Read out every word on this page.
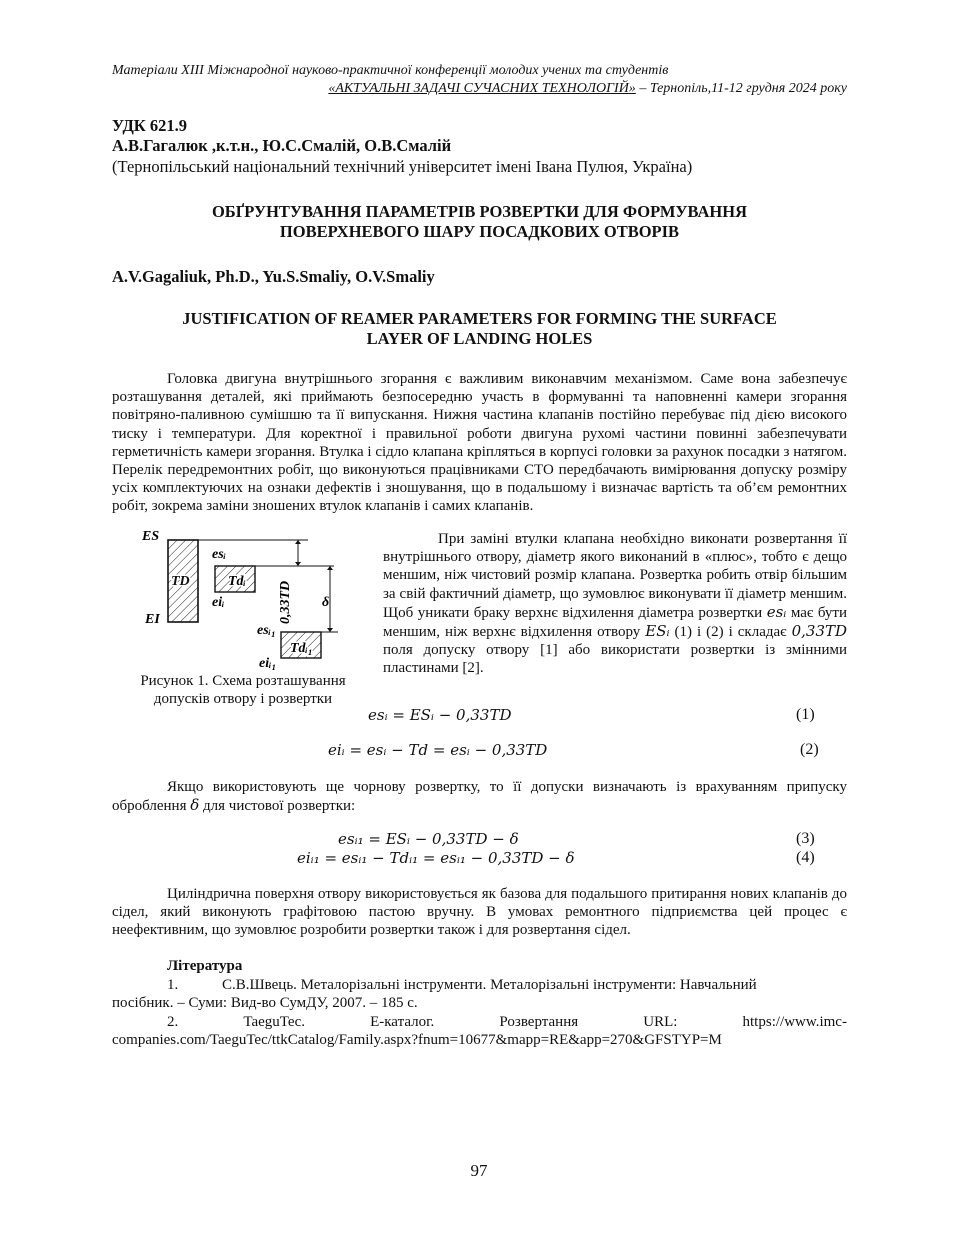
Матеріали XIII Міжнародної науково-практичної конференції молодих учених та студентів
«АКТУАЛЬНІ ЗАДАЧІ СУЧАСНИХ ТЕХНОЛОГІЙ» – Тернопіль,11-12 грудня 2024 року
УДК 621.9
А.В.Гагалюк ,к.т.н., Ю.С.Смалій, О.В.Смалій
(Тернопільський національний технічний університет імені Івана Пулюя, Україна)
ОБҐРУНТУВАННЯ ПАРАМЕТРІВ РОЗВЕРТКИ ДЛЯ ФОРМУВАННЯ
ПОВЕРХНЕВОГО ШАРУ ПОСАДКОВИХ ОТВОРІВ
A.V.Gagaliuk, Ph.D., Yu.S.Smaliy, O.V.Smaliy
JUSTIFICATION OF REAMER PARAMETERS FOR FORMING THE SURFACE
LAYER OF LANDING HOLES
Головка двигуна внутрішнього згорання є важливим виконавчим механізмом. Саме вона забезпечує розташування деталей, які приймають безпосередню участь в формуванні та наповненні камери згорання повітряно-паливною сумішшю та її випускання. Нижня частина клапанів постійно перебуває під дією високого тиску і температури. Для коректної і правильної роботи двигуна рухомі частини повинні забезпечувати герметичність камери згорання. Втулка і сідло клапана кріпляться в корпусі головки за рахунок посадки з натягом. Перелік передремонтних робіт, що виконуються працівниками СТО передбачають вимірювання допуску розміру усіх комплектуючих на ознаки дефектів і зношування, що в подальшому і визначає вартість та об’єм ремонтних робіт, зокрема заміни зношених втулок клапанів і самих клапанів.
ES
EI
TD
esᵢ
Tdᵢ
eiᵢ	0,33TD δ
esᵢ₁
Tdᵢ₁
eiᵢ₁
Рисунок 1. Схема розташування допусків отвору і розвертки
При заміні втулки клапана необхідно виконати розвертання її внутрішнього отвору, діаметр якого виконаний в «плюс», тобто є дещо меншим, ніж чистовий розмір клапана. Розвертка робить отвір більшим за свій фактичний діаметр, що зумовлює виконувати її діаметр меншим. Щоб уникати браку верхнє відхилення діаметра розвертки esᵢ має бути меншим, ніж верхнє відхилення отвору ESᵢ (1) і (2) і складає 0,33TD поля допуску отвору [1] або використати розвертки із змінними пластинами [2].
esᵢ = ESᵢ − 0,33TD	(1)
eiᵢ = esᵢ − Td = esᵢ − 0,33TD	(2)
Якщо використовують ще чорнову розвертку, то її допуски визначають із врахуванням припуску оброблення δ для чистової розвертки:
esᵢ₁ = ESᵢ − 0,33TD − δ	(3)
eiᵢ₁ = esᵢ₁ − Tdᵢ₁ = esᵢ₁ − 0,33TD − δ	(4)
Циліндрична поверхня отвору використовується як базова для подальшого притирання нових клапанів до сідел, який виконують графітовою пастою вручну. В умовах ремонтного підприємства цей процес є неефективним, що зумовлює розробити розвертки також і для розвертання сідел.
Література
1.	С.В.Швець. Металорізальні інструменти. Металорізальні інструменти: Навчальний
посібник. – Суми: Вид-во СумДУ, 2007. – 185 с.
2.	TaeguTec.	Е-каталог.	Розвертання	URL:	https://www.imc-
companies.com/TaeguTec/ttkCatalog/Family.aspx?fnum=10677&mapp=RE&app=270&GFSTYP=M
97
